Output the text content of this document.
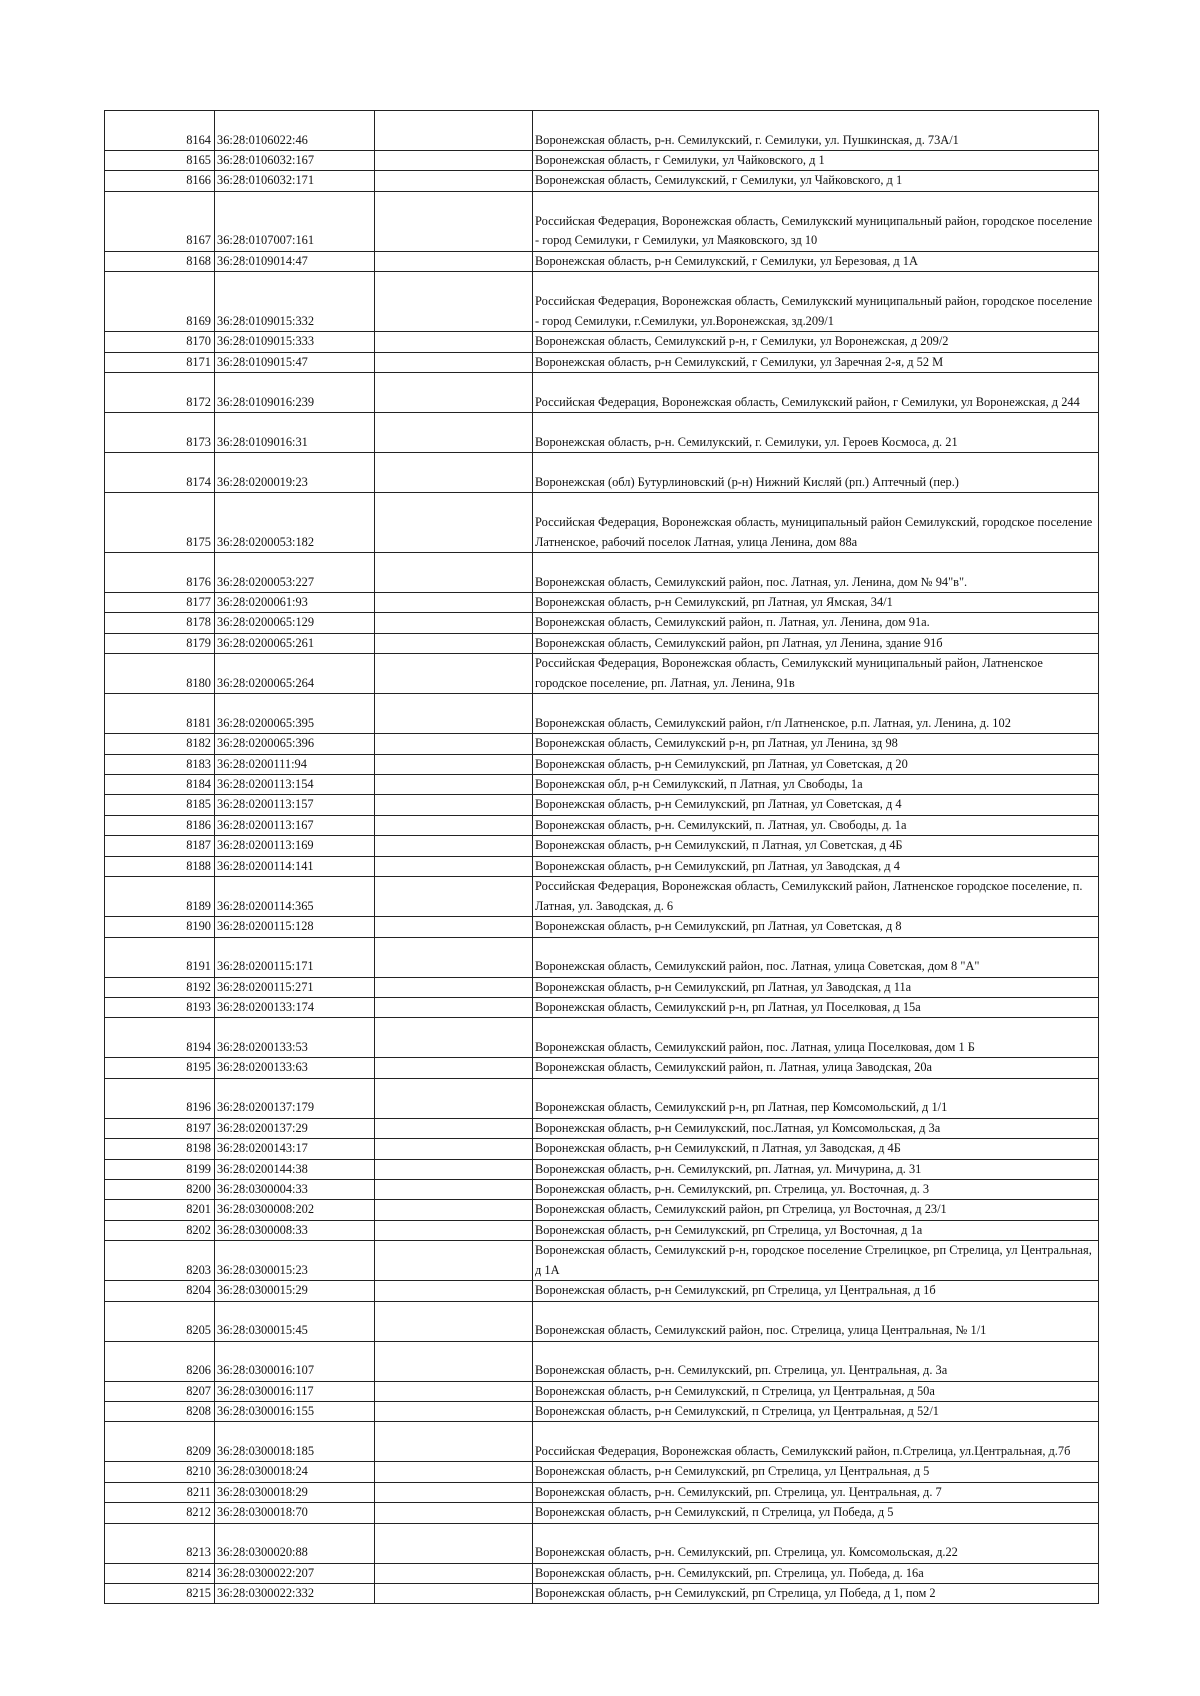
8164	36:28:0106022:46		Воронежская область, р-н. Семилукский, г. Семилуки, ул. Пушкинская, д. 73А/1
8165	36:28:0106032:167		Воронежская область, г Семилуки, ул Чайковского, д 1
8166	36:28:0106032:171		Воронежская область, Семилукский, г Семилуки, ул Чайковского, д 1
8167	36:28:0107007:161		Российская Федерация, Воронежская область, Семилукский муниципальный район, городское поселение - город Семилуки, г Семилуки, ул Маяковского, зд 10
8168	36:28:0109014:47		Воронежская область, р-н Семилукский, г Семилуки, ул Березовая, д 1А
8169	36:28:0109015:332		Российская Федерация, Воронежская область, Семилукский муниципальный район, городское поселение - город Семилуки, г.Семилуки, ул.Воронежская, зд.209/1
8170	36:28:0109015:333		Воронежская область, Семилукский р-н, г Семилуки, ул Воронежская, д 209/2
8171	36:28:0109015:47		Воронежская область, р-н Семилукский, г Семилуки, ул Заречная 2-я, д 52 М
8172	36:28:0109016:239		Российская Федерация, Воронежская область, Семилукский район, г Семилуки, ул Воронежская, д 244
8173	36:28:0109016:31		Воронежская область, р-н. Семилукский, г. Семилуки, ул. Героев Космоса, д. 21
8174	36:28:0200019:23		Воронежская (обл) Бутурлиновский (р-н) Нижний Кисляй (рп.) Аптечный (пер.)
8175	36:28:0200053:182		Российская Федерация, Воронежская область, муниципальный район Семилукский, городское поселение Латненское, рабочий поселок Латная, улица Ленина, дом 88а
8176	36:28:0200053:227		Воронежская область, Семилукский район, пос. Латная, ул. Ленина, дом № 94"в".
8177	36:28:0200061:93		Воронежская область, р-н Семилукский, рп Латная, ул Ямская, 34/1
8178	36:28:0200065:129		Воронежская область, Семилукский район, п. Латная, ул. Ленина, дом 91а.
8179	36:28:0200065:261		Воронежская область, Семилукский район, рп Латная, ул Ленина, здание 91б
8180	36:28:0200065:264		Российская Федерация, Воронежская область, Семилукский муниципальный район, Латненское городское поселение, рп. Латная, ул. Ленина, 91в
8181	36:28:0200065:395		Воронежская область, Семилукский район, г/п Латненское, р.п. Латная, ул. Ленина, д. 102
8182	36:28:0200065:396		Воронежская область, Семилукский р-н, рп Латная, ул Ленина, зд 98
8183	36:28:0200111:94		Воронежская область, р-н Семилукский, рп Латная, ул Советская, д 20
8184	36:28:0200113:154		Воронежская обл, р-н Семилукский, п Латная, ул Свободы, 1а
8185	36:28:0200113:157		Воронежская область, р-н Семилукский, рп Латная, ул Советская, д 4
8186	36:28:0200113:167		Воронежская область, р-н. Семилукский, п. Латная, ул. Свободы, д. 1а
8187	36:28:0200113:169		Воронежская область, р-н Семилукский, п Латная, ул Советская, д 4Б
8188	36:28:0200114:141		Воронежская область, р-н Семилукский, рп Латная, ул Заводская, д 4
8189	36:28:0200114:365		Российская Федерация, Воронежская область, Семилукский район, Латненское городское поселение, п. Латная, ул. Заводская, д. 6
8190	36:28:0200115:128		Воронежская область, р-н Семилукский, рп Латная, ул Советская, д 8
8191	36:28:0200115:171		Воронежская область, Семилукский район, пос. Латная, улица Советская, дом 8 "А"
8192	36:28:0200115:271		Воронежская область, р-н Семилукский, рп Латная, ул Заводская, д 11а
8193	36:28:0200133:174		Воронежская область, Семилукский р-н, рп Латная, ул Поселковая, д 15а
8194	36:28:0200133:53		Воронежская область, Семилукский район, пос. Латная, улица Поселковая, дом 1 Б
8195	36:28:0200133:63		Воронежская область, Семилукский район, п. Латная, улица Заводская, 20а
8196	36:28:0200137:179		Воронежская область, Семилукский р-н, рп Латная, пер Комсомольский, д 1/1
8197	36:28:0200137:29		Воронежская область, р-н Семилукский, пос.Латная, ул Комсомольская, д 3а
8198	36:28:0200143:17		Воронежская область, р-н Семилукский, п Латная, ул Заводская, д 4Б
8199	36:28:0200144:38		Воронежская область, р-н. Семилукский, рп. Латная, ул. Мичурина, д. 31
8200	36:28:0300004:33		Воронежская область, р-н. Семилукский, рп. Стрелица, ул. Восточная, д. 3
8201	36:28:0300008:202		Воронежская область, Семилукский район, рп Стрелица, ул Восточная, д 23/1
8202	36:28:0300008:33		Воронежская область, р-н Семилукский, рп Стрелица, ул Восточная, д 1а
8203	36:28:0300015:23		Воронежская область, Семилукский р-н, городское поселение Стрелицкое, рп Стрелица, ул Центральная, д 1А
8204	36:28:0300015:29		Воронежская область, р-н Семилукский, рп Стрелица, ул Центральная, д 1б
8205	36:28:0300015:45		Воронежская область, Семилукский район, пос. Стрелица, улица Центральная, № 1/1
8206	36:28:0300016:107		Воронежская область, р-н. Семилукский, рп. Стрелица, ул. Центральная, д. 3а
8207	36:28:0300016:117		Воронежская область, р-н Семилукский, п Стрелица, ул Центральная, д 50а
8208	36:28:0300016:155		Воронежская область, р-н Семилукский, п Стрелица, ул Центральная, д 52/1
8209	36:28:0300018:185		Российская Федерация, Воронежская область, Семилукский район, п.Стрелица, ул.Центральная, д.7б
8210	36:28:0300018:24		Воронежская область, р-н Семилукский, рп Стрелица, ул Центральная, д 5
8211	36:28:0300018:29		Воронежская область, р-н. Семилукский, рп. Стрелица, ул. Центральная, д. 7
8212	36:28:0300018:70		Воронежская область, р-н Семилукский, п Стрелица, ул Победа, д 5
8213	36:28:0300020:88		Воронежская область, р-н. Семилукский, рп. Стрелица, ул. Комсомольская, д.22
8214	36:28:0300022:207		Воронежская область, р-н. Семилукский, рп. Стрелица, ул. Победа, д. 16а
8215	36:28:0300022:332		Воронежская область, р-н Семилукский, рп Стрелица, ул Победа, д 1, пом 2
